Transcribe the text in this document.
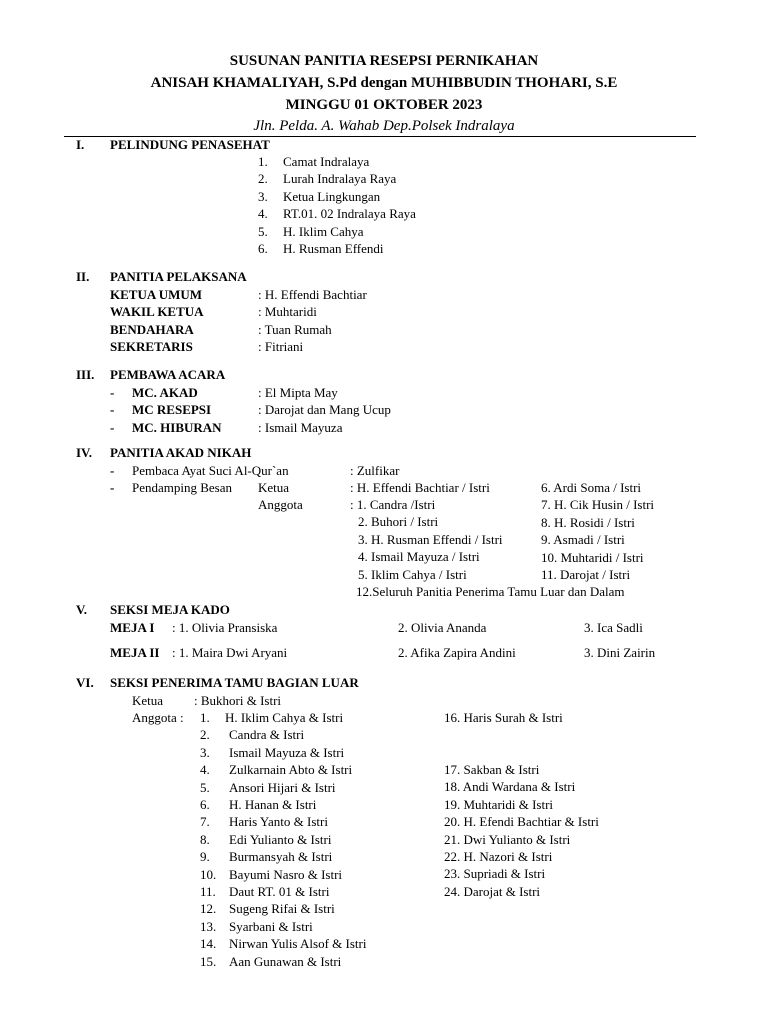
SUSUNAN PANITIA RESEPSI PERNIKAHAN
ANISAH KHAMALIYAH, S.Pd dengan MUHIBBUDIN THOHARI, S.E
MINGGU 01 OKTOBER 2023
Jln. Pelda. A. Wahab Dep.Polsek Indralaya
I. PELINDUNG PENASEHAT
1. Camat Indralaya
2. Lurah Indralaya Raya
3. Ketua Lingkungan
4. RT.01. 02 Indralaya Raya
5. H. Iklim Cahya
6. H. Rusman Effendi
II. PANITIA PELAKSANA
KETUA UMUM	: H. Effendi Bachtiar
WAKIL KETUA	: Muhtaridi
BENDAHARA	: Tuan Rumah
SEKRETARIS	: Fitriani
III. PEMBAWA ACARA
- MC. AKAD	: El Mipta May
- MC RESEPSI	: Darojat dan Mang Ucup
- MC. HIBURAN	: Ismail Mayuza
IV. PANITIA AKAD NIKAH
- Pembaca Ayat Suci Al-Qur`an	: Zulfikar
- Pendamping Besan Ketua	: H. Effendi Bachtiar / Istri
Anggota	: 1. Candra /Istri
2. Buhori / Istri
3. H. Rusman Effendi / Istri
4. Ismail Mayuza / Istri
5. Iklim Cahya / Istri
6. Ardi Soma / Istri
7. H. Cik Husin / Istri
8. H. Rosidi / Istri
9. Asmadi / Istri
10. Muhtaridi / Istri
11. Darojat / Istri
12.Seluruh Panitia Penerima Tamu Luar dan Dalam
V. SEKSI MEJA KADO
MEJA I : 1. Olivia Pransiska	2. Olivia Ananda	3. Ica Sadli
MEJA II : 1. Maira Dwi Aryani	2. Afika Zapira Andini	3. Dini Zairin
VI. SEKSI PENERIMA TAMU BAGIAN LUAR
Ketua : Bukhori & Istri
Anggota : 1. H. Iklim Cahya & Istri
2. Candra & Istri
3. Ismail Mayuza & Istri
4. Zulkarnain Abto & Istri
5. Ansori Hijari & Istri
6. H. Hanan & Istri
7. Haris Yanto & Istri
8. Edi Yulianto & Istri
9. Burmansyah & Istri
10. Bayumi Nasro & Istri
11. Daut RT. 01 & Istri
12. Sugeng Rifai & Istri
13. Syarbani & Istri
14. Nirwan Yulis Alsof & Istri
15. Aan Gunawan & Istri
16. Haris Surah & Istri
17. Sakban & Istri
18. Andi Wardana & Istri
19. Muhtaridi & Istri
20. H. Efendi Bachtiar & Istri
21. Dwi Yulianto & Istri
22. H. Nazori & Istri
23. Supriadi & Istri
24. Darojat & Istri
